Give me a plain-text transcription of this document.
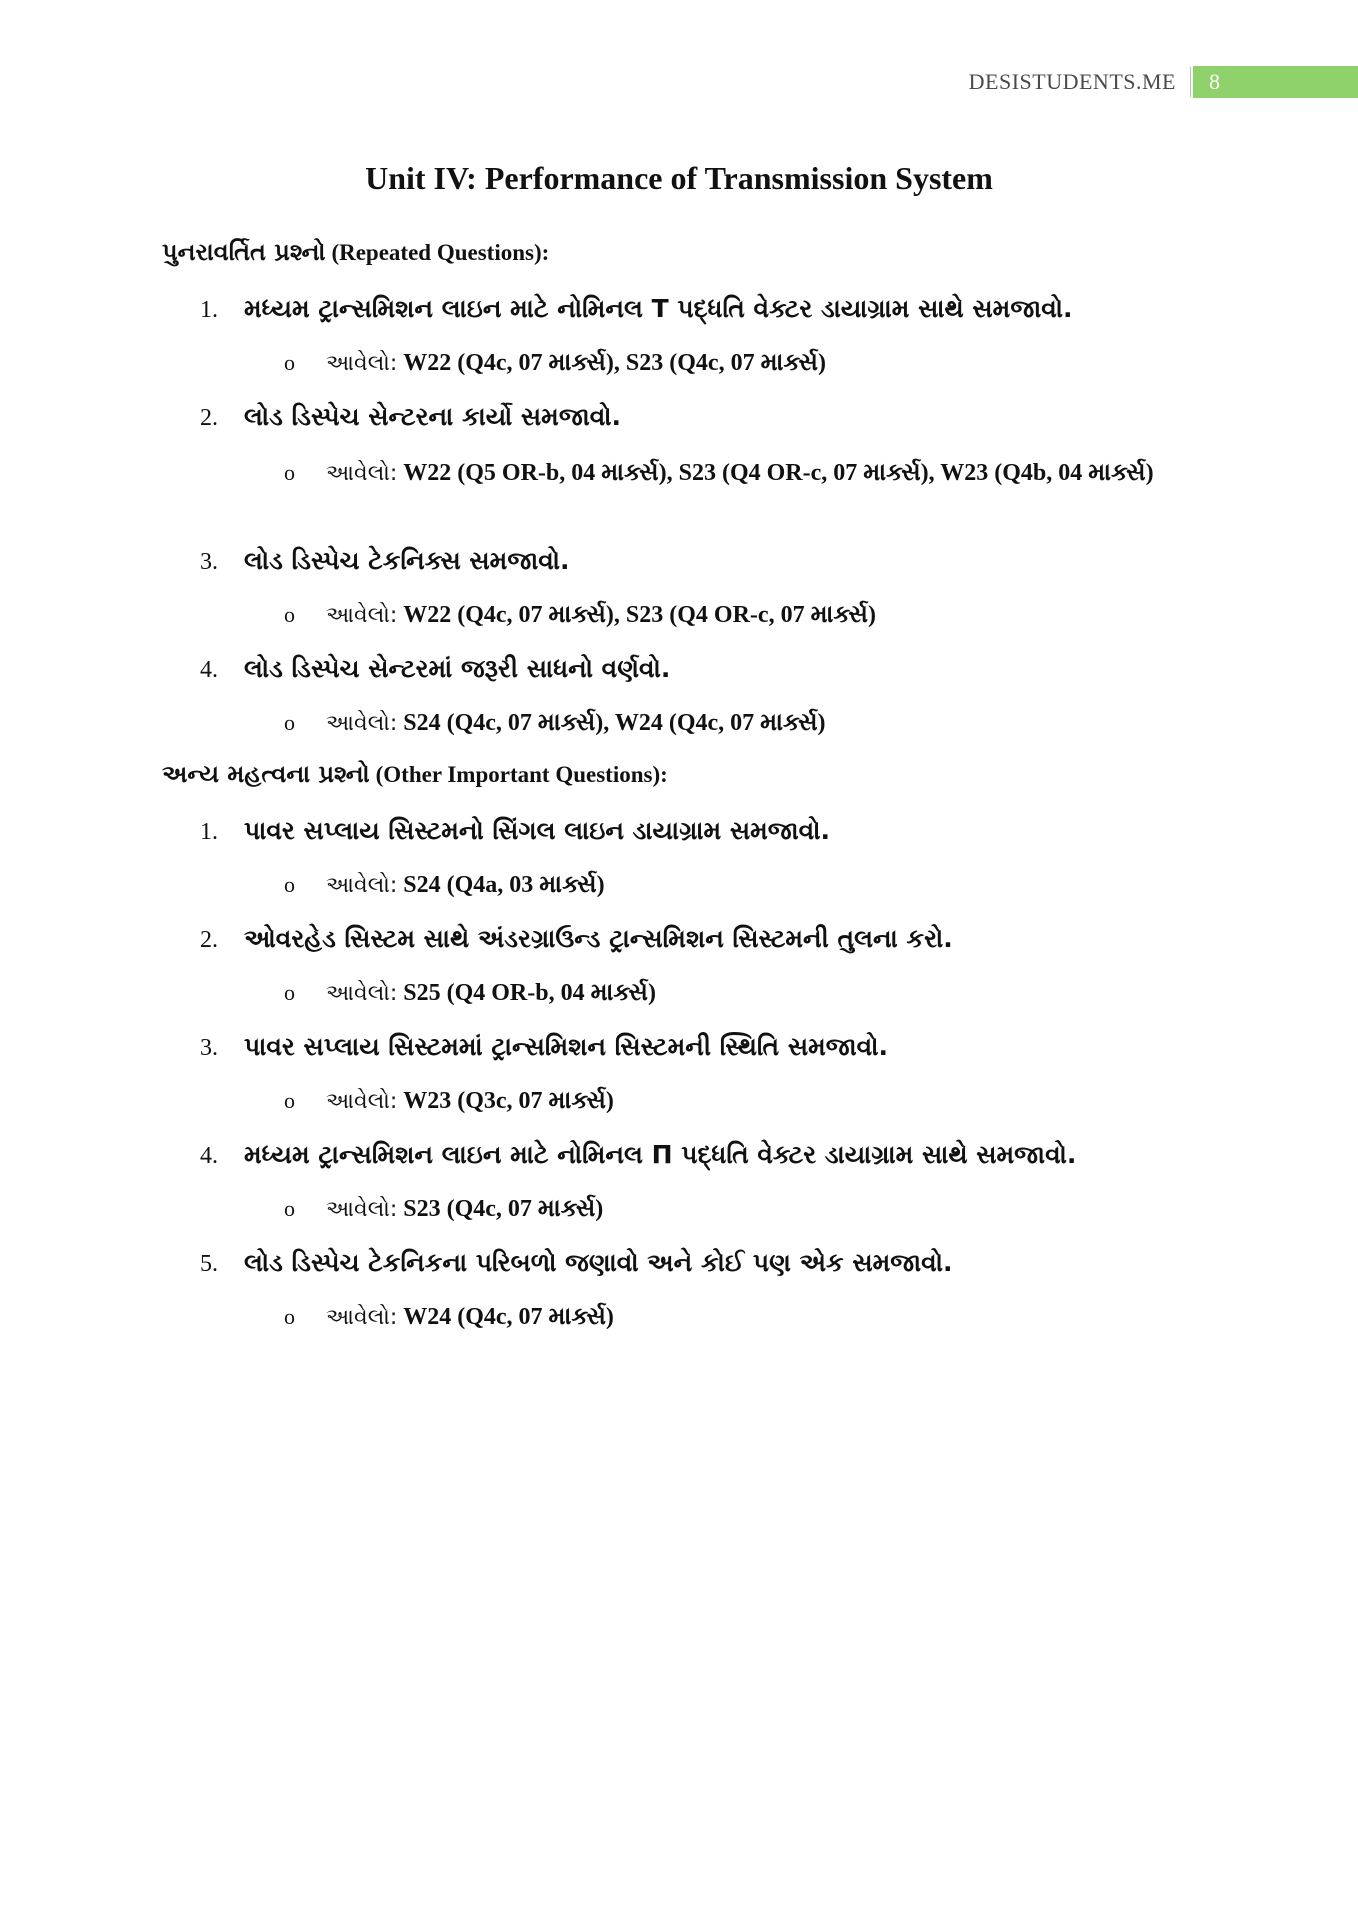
DESISTUDENTS.ME	8
Unit IV: Performance of Transmission System

પુનરાવર્તિત પ્રશ્નો (Repeated Questions):

1.	મધ્યમ ટ્રાન્સમિશન લાઇન માટે નોમિનલ T પદ્ધતિ વેક્ટર ડાયાગ્રામ સાથે સમજાવો.
o	આવેલો: W22 (Q4c, 07 માર્ક્સ), S23 (Q4c, 07 માર્ક્સ)
2.	લોડ ડિસ્પેચ સેન્ટરના કાર્યો સમજાવો.
o	આવેલો: W22 (Q5 OR-b, 04 માર્ક્સ), S23 (Q4 OR-c, 07 માર્ક્સ), W23 (Q4b, 04 માર્ક્સ)
3.	લોડ ડિસ્પેચ ટેકનિક્સ સમજાવો.
o	આવેલો: W22 (Q4c, 07 માર્ક્સ), S23 (Q4 OR-c, 07 માર્ક્સ)
4.	લોડ ડિસ્પેચ સેન્ટરમાં જરૂરી સાધનો વર્ણવો.
o	આવેલો: S24 (Q4c, 07 માર્ક્સ), W24 (Q4c, 07 માર્ક્સ)

અન્ય મહત્વના પ્રશ્નો (Other Important Questions):

1.	પાવર સપ્લાય સિસ્ટમનો સિંગલ લાઇન ડાયાગ્રામ સમજાવો.
o	આવેલો: S24 (Q4a, 03 માર્ક્સ)
2.	ઓવરહેડ સિસ્ટમ સાથે અંડરગ્રાઉન્ડ ટ્રાન્સમિશન સિસ્ટમની તુલના કરો.
o	આવેલો: S25 (Q4 OR-b, 04 માર્ક્સ)
3.	પાવર સપ્લાય સિસ્ટમમાં ટ્રાન્સમિશન સિસ્ટમની સ્થિતિ સમજાવો.
o	આવેલો: W23 (Q3c, 07 માર્ક્સ)
4.	મધ્યમ ટ્રાન્સમિશન લાઇન માટે નોમિનલ Π પદ્ધતિ વેક્ટર ડાયાગ્રામ સાથે સમજાવો.
o	આવેલો: S23 (Q4c, 07 માર્ક્સ)
5.	લોડ ડિસ્પેચ ટેકનિકના પરિબળો જણાવો અને કોઈ પણ એક સમજાવો.
o	આવેલો: W24 (Q4c, 07 માર્ક્સ)
